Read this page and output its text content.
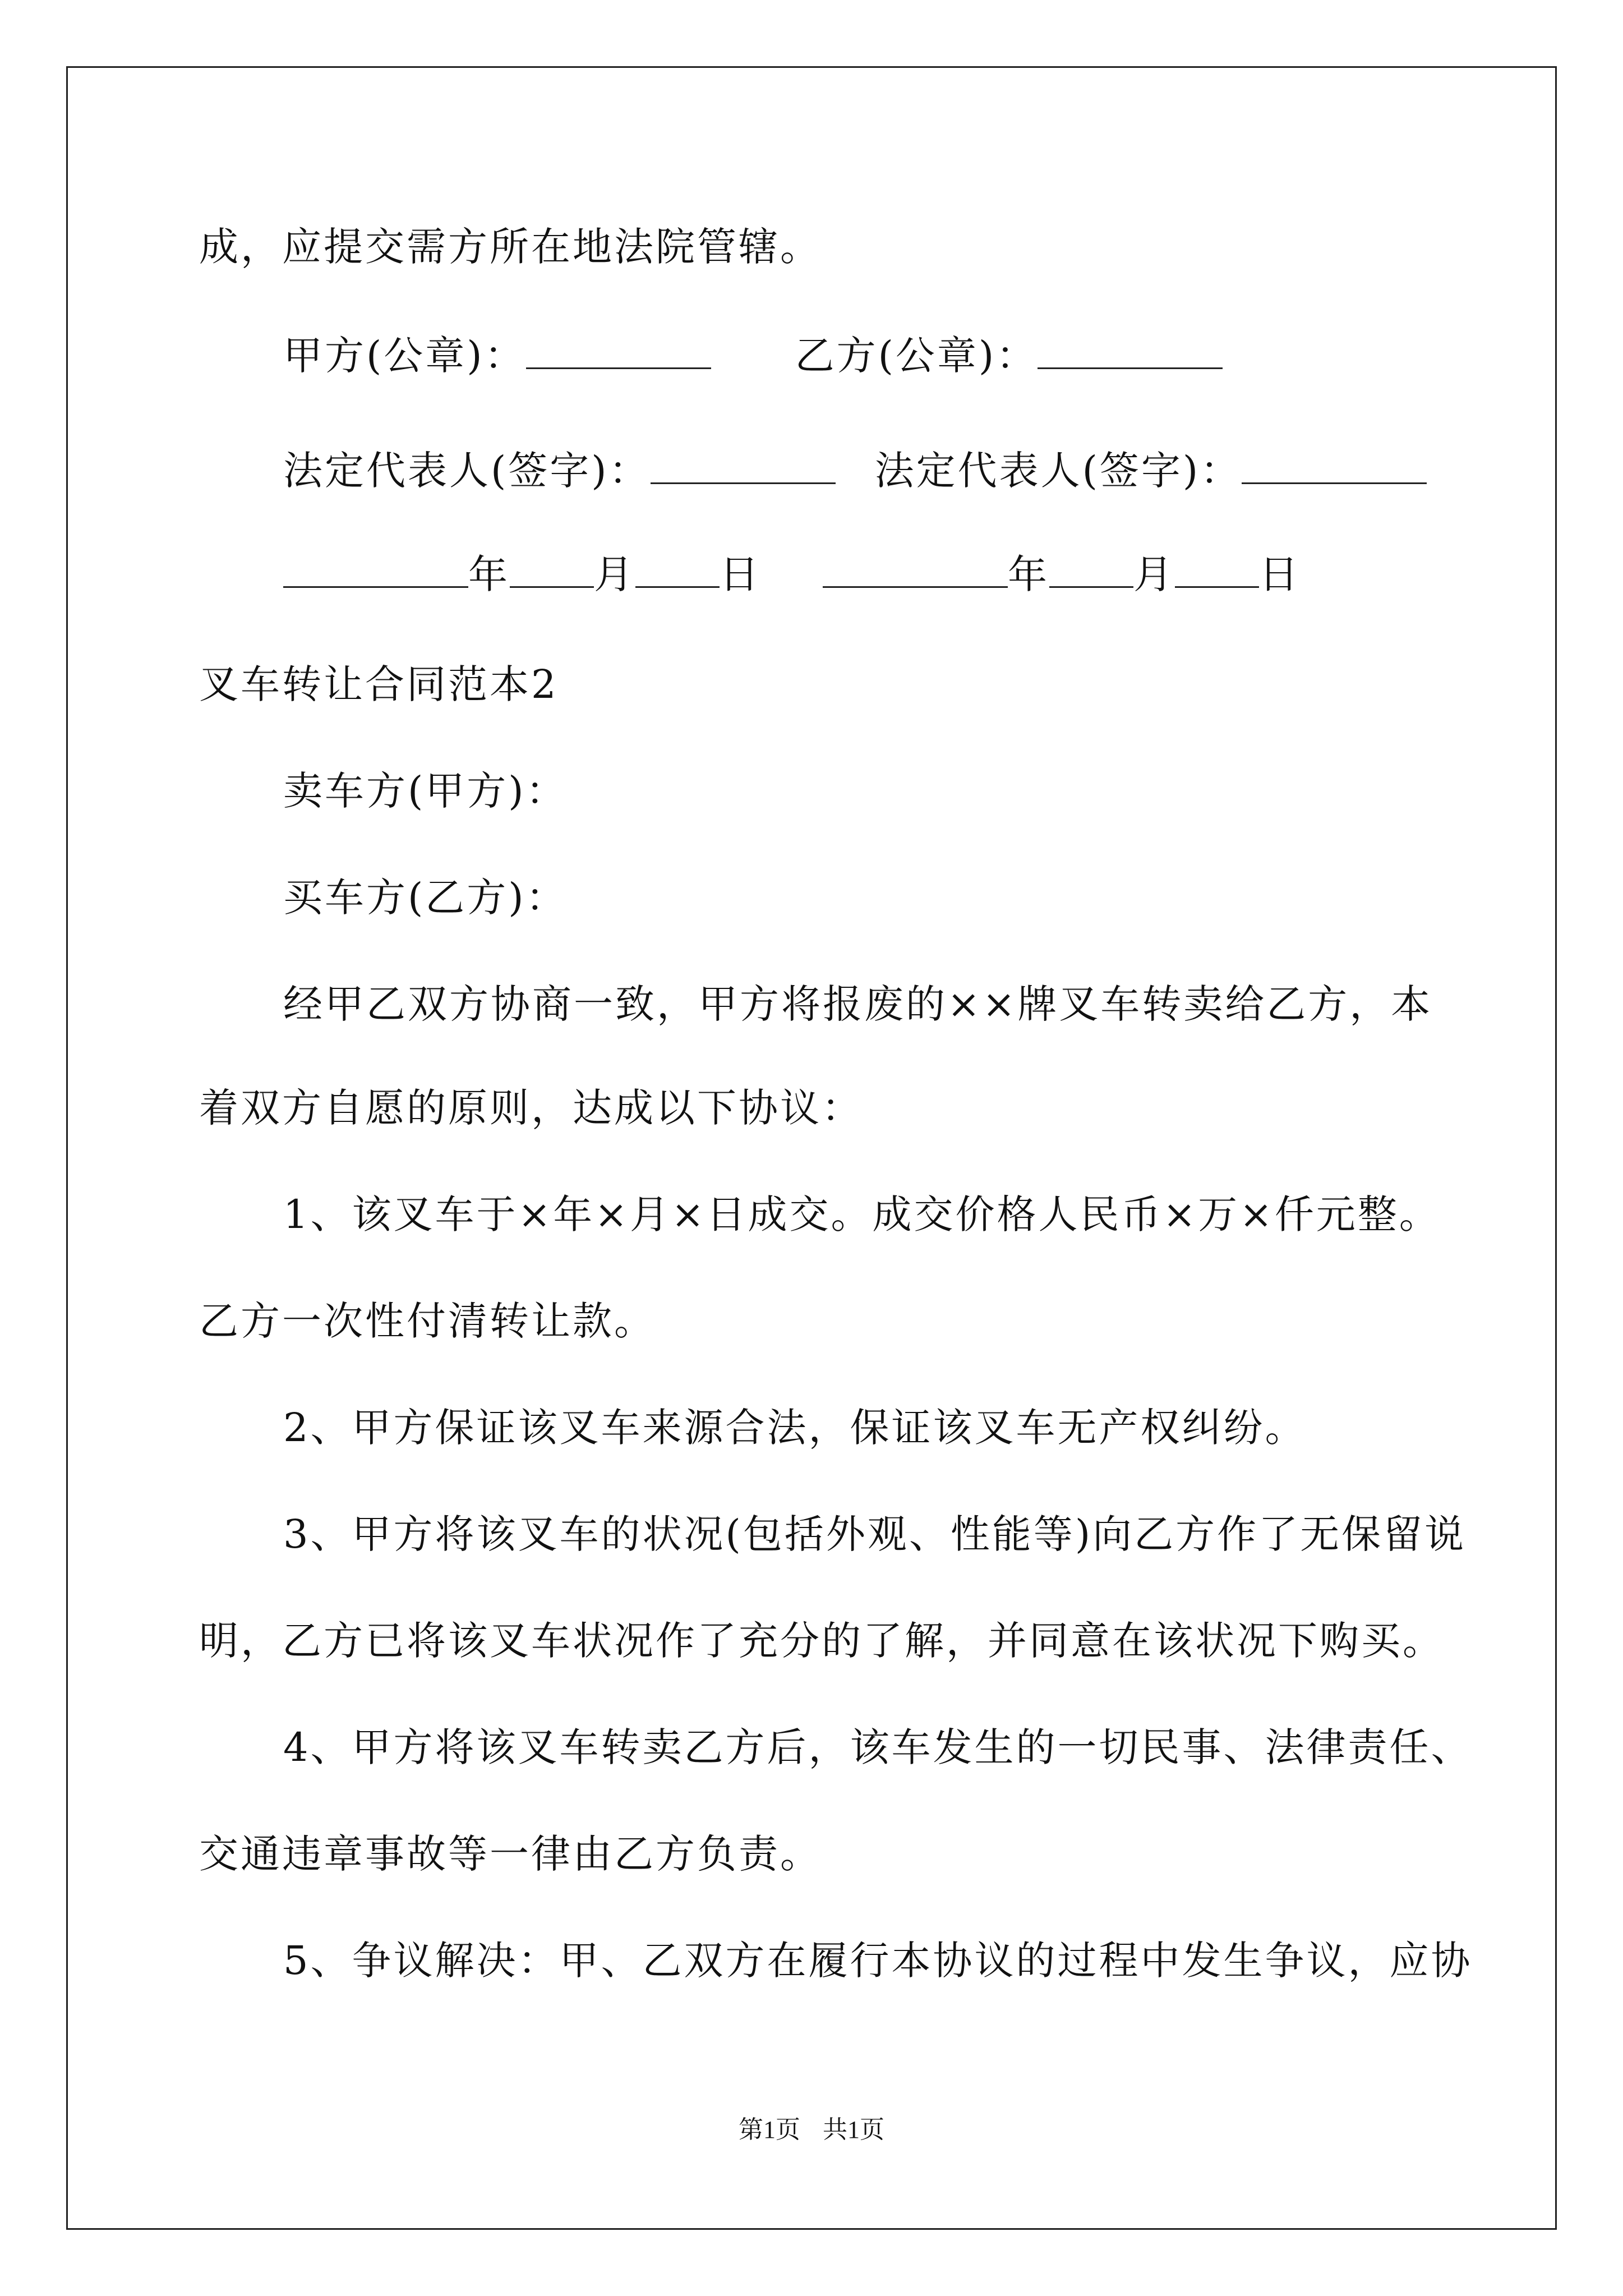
成，应提交需方所在地法院管辖。

甲方(公章)：	乙方(公章)：
法定代表人(签字)：	法定代表人(签字)：
年 月 日	年 月 日
叉车转让合同范本2

卖车方(甲方)：

买车方(乙方)：

经甲乙双方协商一致，甲方将报废的××牌叉车转卖给乙方，本

着双方自愿的原则，达成以下协议：

1、该叉车于×年×月×日成交。成交价格人民币×万×仟元整。

乙方一次性付清转让款。

2、甲方保证该叉车来源合法，保证该叉车无产权纠纷。

3、甲方将该叉车的状况(包括外观、性能等)向乙方作了无保留说

明，乙方已将该叉车状况作了充分的了解，并同意在该状况下购买。

4、甲方将该叉车转卖乙方后，该车发生的一切民事、法律责任、

交通违章事故等一律由乙方负责。

5、争议解决：甲、乙双方在履行本协议的过程中发生争议，应协

第1页 共1页
